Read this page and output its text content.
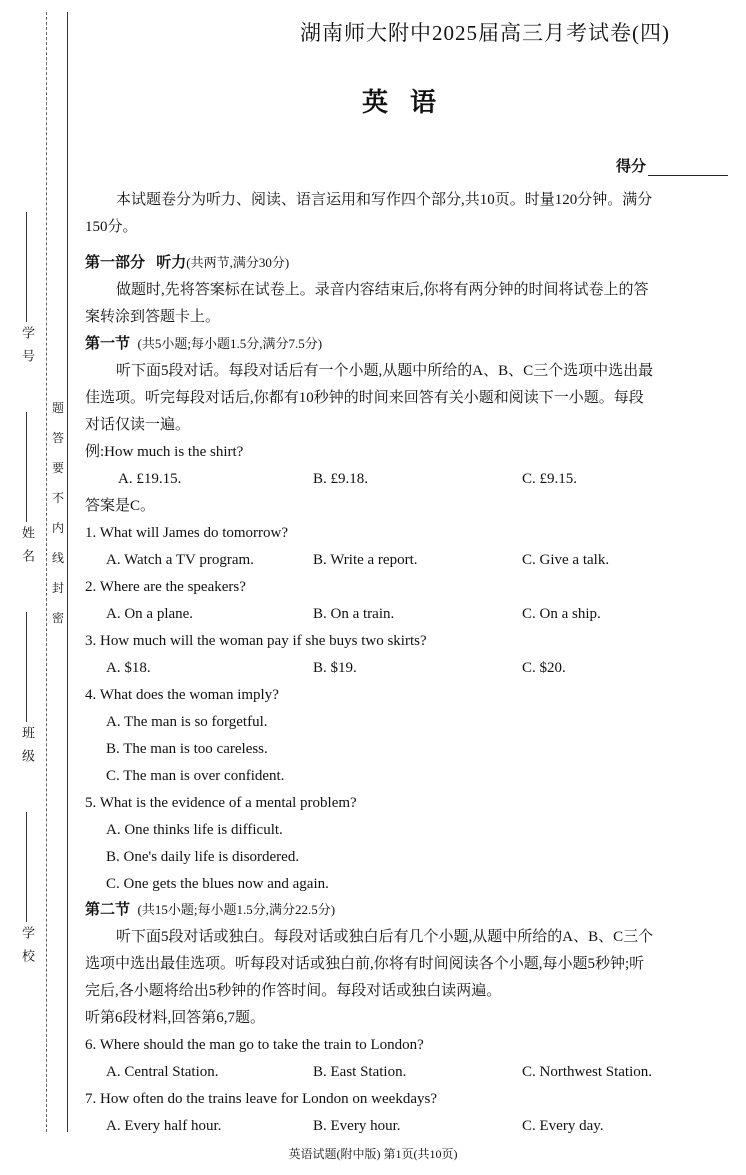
学号
姓名
班级
学校
题
答
要
不
内
线
封
密
湖南师大附中2025届高三月考试卷(四)
英语
得分
本试题卷分为听力、阅读、语言运用和写作四个部分,共10页。时量120分钟。满分
150分。
第一部分 听力(共两节,满分30分)
做题时,先将答案标在试卷上。录音内容结束后,你将有两分钟的时间将试卷上的答
案转涂到答题卡上。
第一节 (共5小题;每小题1.5分,满分7.5分)
听下面5段对话。每段对话后有一个小题,从题中所给的A、B、C三个选项中选出最
佳选项。听完每段对话后,你都有10秒钟的时间来回答有关小题和阅读下一小题。每段
对话仅读一遍。
例:How much is the shirt?
A. £19.15.	B. £9.18.	C. £9.15.
答案是C。
1. What will James do tomorrow?
A. Watch a TV program.	B. Write a report.	C. Give a talk.
2. Where are the speakers?
A. On a plane.	B. On a train.	C. On a ship.
3. How much will the woman pay if she buys two skirts?
A. $18.	B. $19.	C. $20.
4. What does the woman imply?
A. The man is so forgetful.
B. The man is too careless.
C. The man is over confident.
5. What is the evidence of a mental problem?
A. One thinks life is difficult.
B. One's daily life is disordered.
C. One gets the blues now and again.
第二节 (共15小题;每小题1.5分,满分22.5分)
听下面5段对话或独白。每段对话或独白后有几个小题,从题中所给的A、B、C三个
选项中选出最佳选项。听每段对话或独白前,你将有时间阅读各个小题,每小题5秒钟;听
完后,各小题将给出5秒钟的作答时间。每段对话或独白读两遍。
听第6段材料,回答第6,7题。
6. Where should the man go to take the train to London?
A. Central Station.	B. East Station.	C. Northwest Station.
7. How often do the trains leave for London on weekdays?
A. Every half hour.	B. Every hour.	C. Every day.
英语试题(附中版) 第1页(共10页)
